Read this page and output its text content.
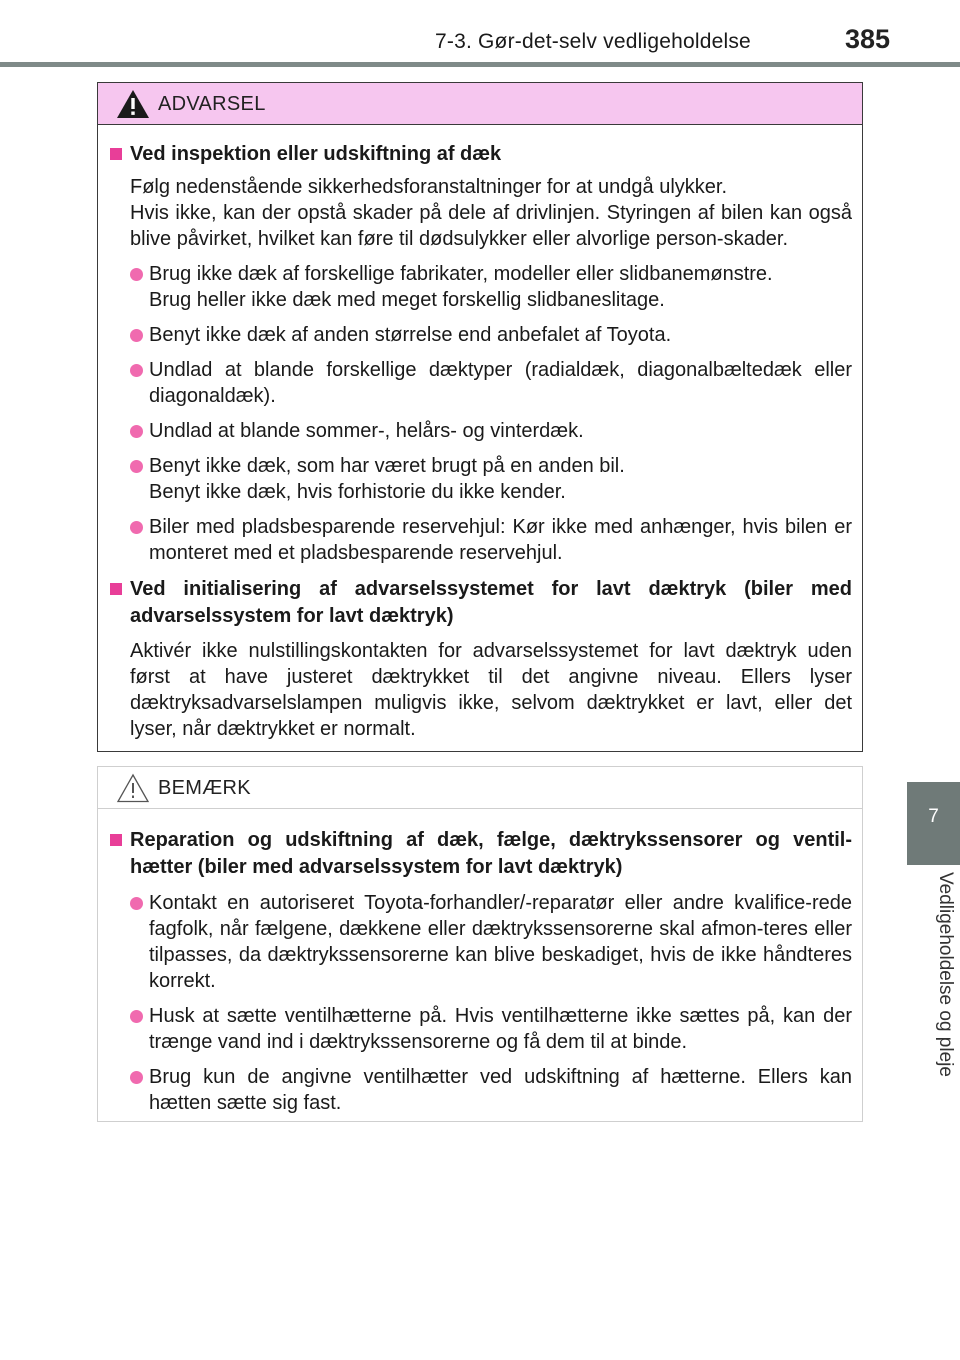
7-3. Gør-det-selv vedligeholdelse	385
7
Vedligeholdelse og pleje
ADVARSEL
Ved inspektion eller udskiftning af dæk

Følg nedenstående sikkerhedsforanstaltninger for at undgå ulykker.

Hvis ikke, kan der opstå skader på dele af drivlinjen. Styringen af bilen kan også blive påvirket, hvilket kan føre til dødsulykker eller alvorlige person-skader.

Brug ikke dæk af forskellige fabrikater, modeller eller slidbanemønstre.
Brug heller ikke dæk med meget forskellig slidbaneslitage.
Benyt ikke dæk af anden størrelse end anbefalet af Toyota.
Undlad at blande forskellige dæktyper (radialdæk, diagonalbæltedæk eller diagonaldæk).
Undlad at blande sommer-, helårs- og vinterdæk.
Benyt ikke dæk, som har været brugt på en anden bil.
Benyt ikke dæk, hvis forhistorie du ikke kender.
Biler med pladsbesparende reservehjul: Kør ikke med anhænger, hvis bilen er monteret med et pladsbesparende reservehjul.
Ved initialisering af advarselssystemet for lavt dæktryk (biler med advarselssystem for lavt dæktryk)

Aktivér ikke nulstillingskontakten for advarselssystemet for lavt dæktryk uden først at have justeret dæktrykket til det angivne niveau. Ellers lyser dæktryksadvarselslampen muligvis ikke, selvom dæktrykket er lavt, eller det lyser, når dæktrykket er normalt.

BEMÆRK
Reparation og udskiftning af dæk, fælge, dæktrykssensorer og ventil-hætter (biler med advarselssystem for lavt dæktryk)
Kontakt en autoriseret Toyota-forhandler/-reparatør eller andre kvalifice-rede fagfolk, når fælgene, dækkene eller dæktrykssensorerne skal afmon-teres eller tilpasses, da dæktrykssensorerne kan blive beskadiget, hvis de ikke håndteres korrekt.
Husk at sætte ventilhætterne på. Hvis ventilhætterne ikke sættes på, kan der trænge vand ind i dæktrykssensorerne og få dem til at binde.
Brug kun de angivne ventilhætter ved udskiftning af hætterne. Ellers kan hætten sætte sig fast.
